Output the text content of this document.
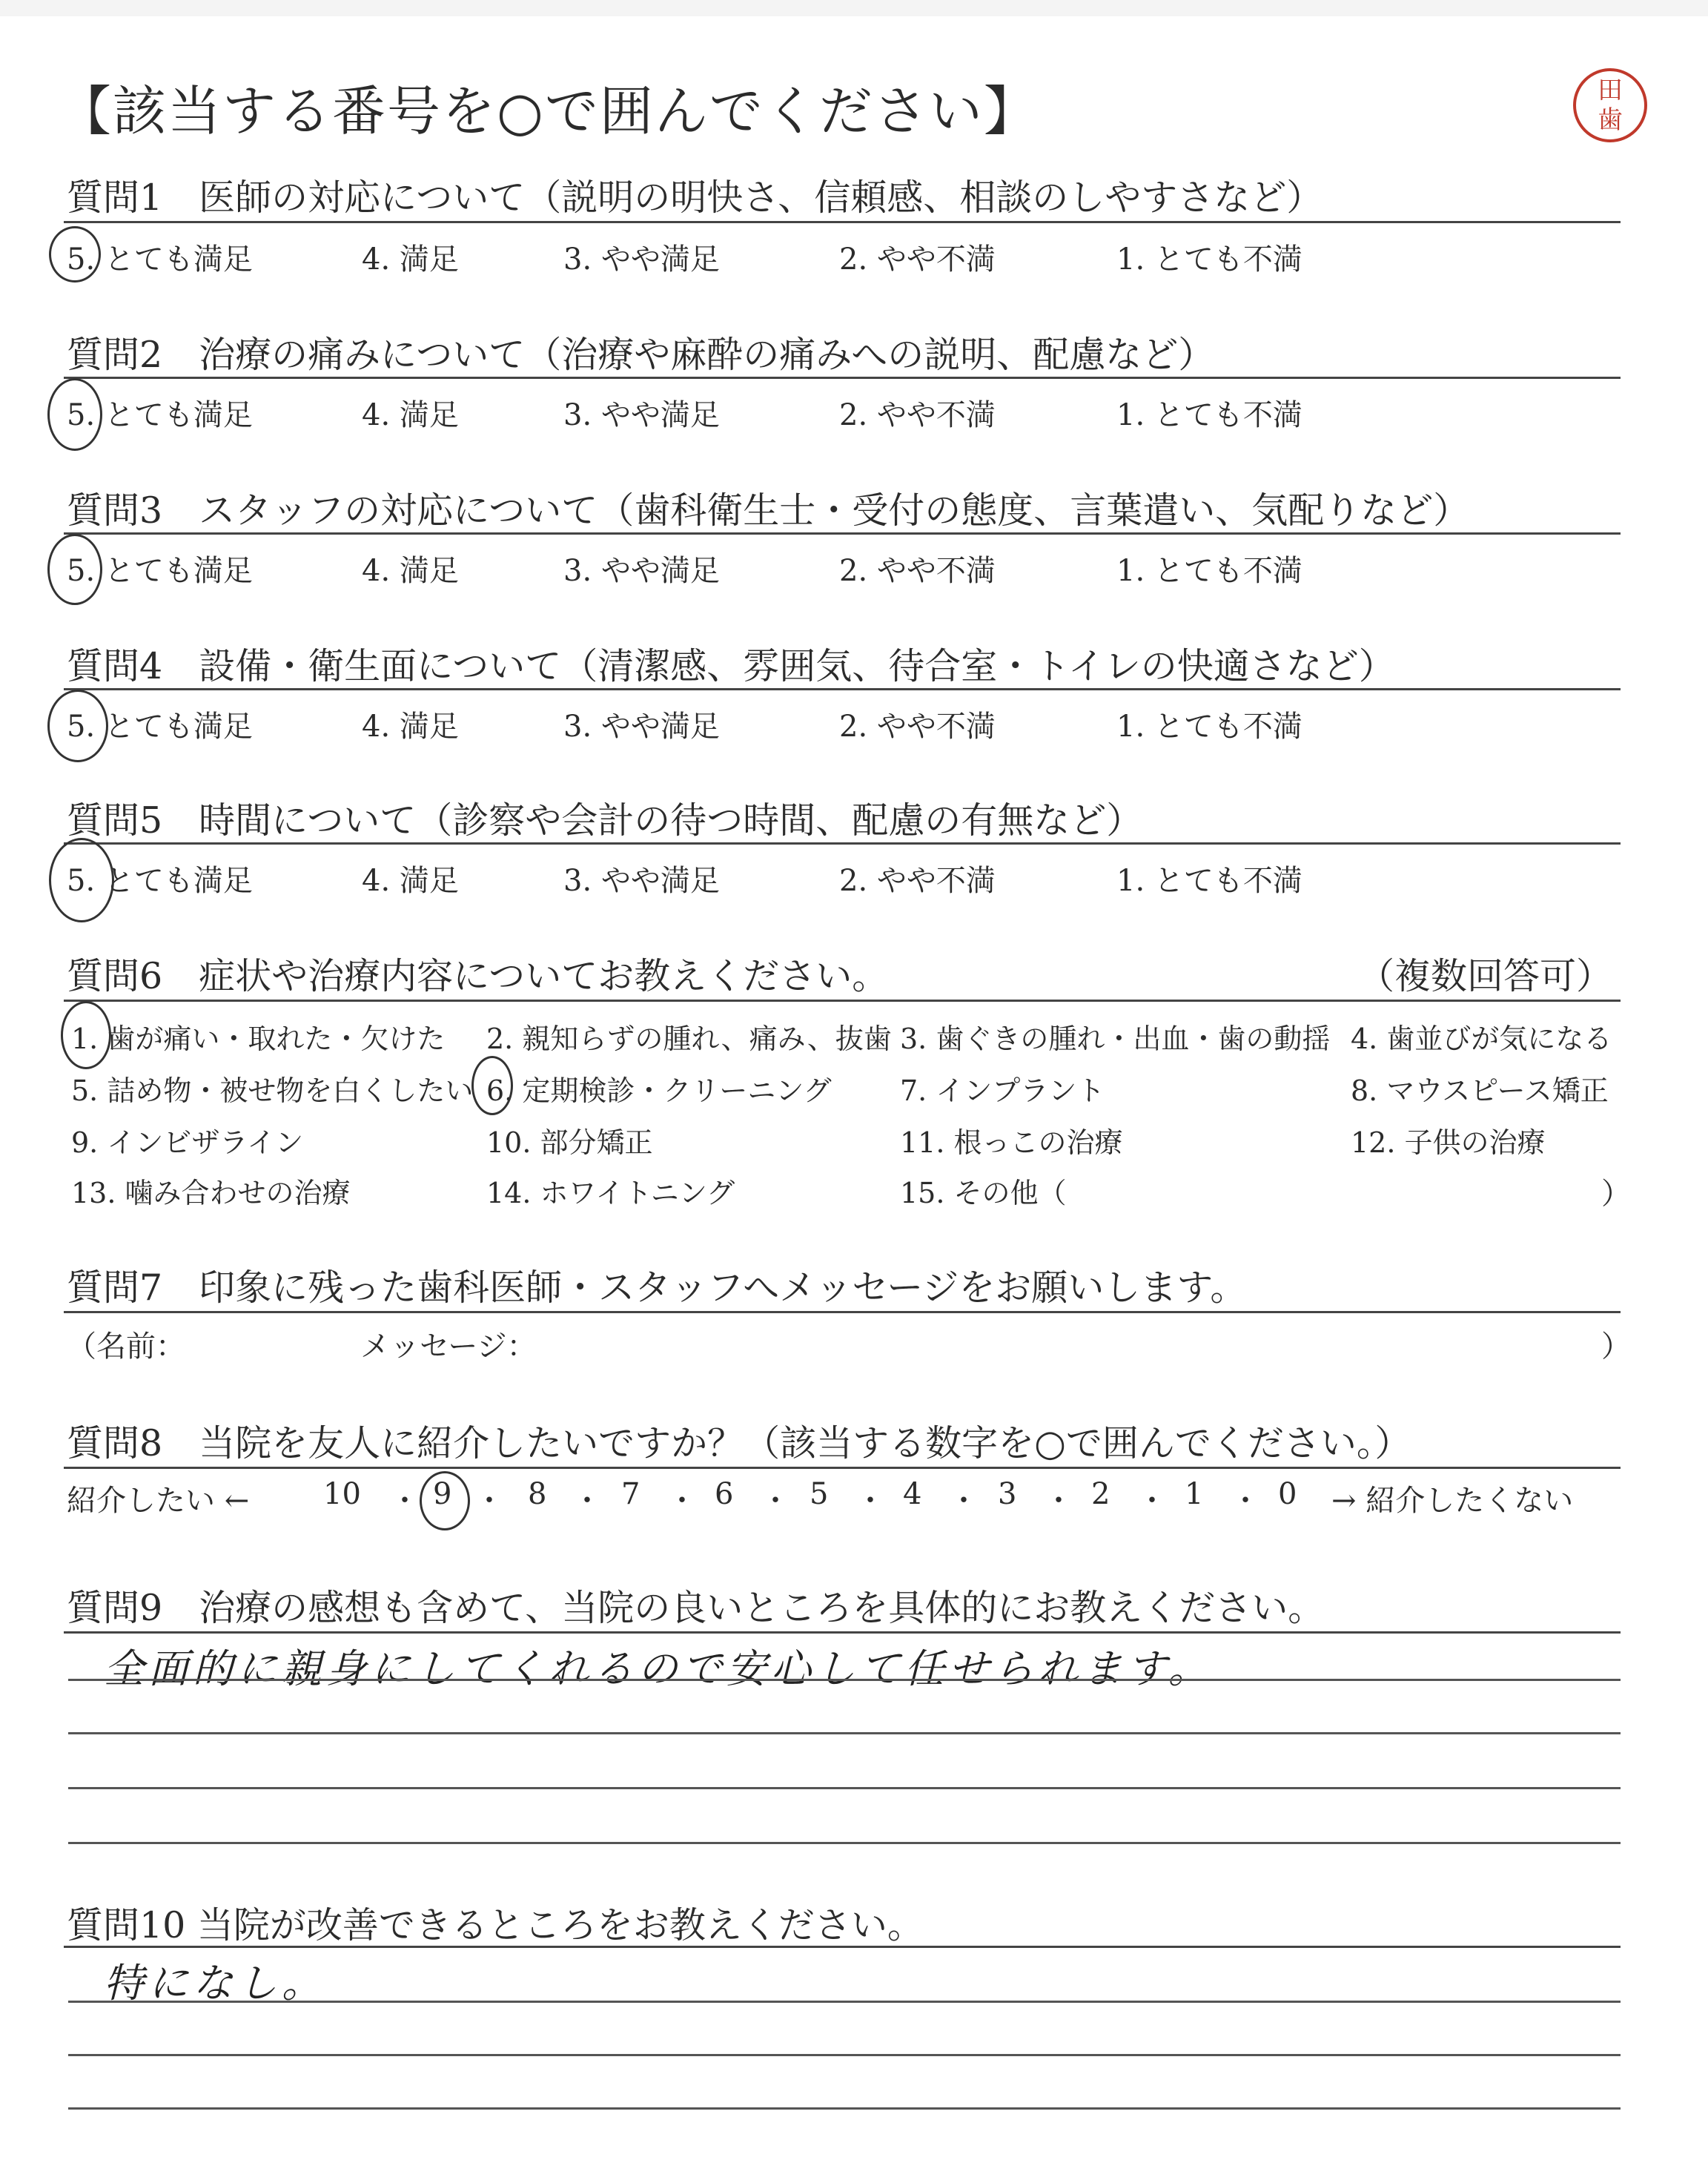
【該当する番号を○で囲んでください】	田
歯
質問1　医師の対応について（説明の明快さ、信頼感、相談のしやすさなど）
5. とても満足	4. 満足	3. やや満足	2. やや不満	1. とても不満
質問2　治療の痛みについて（治療や麻酔の痛みへの説明、配慮など）
5. とても満足	4. 満足	3. やや満足	2. やや不満	1. とても不満
質問3　スタッフの対応について（歯科衛生士・受付の態度、言葉遣い、気配りなど）
5. とても満足	4. 満足	3. やや満足	2. やや不満	1. とても不満
質問4　設備・衛生面について（清潔感、雰囲気、待合室・トイレの快適さなど）
5. とても満足	4. 満足	3. やや満足	2. やや不満	1. とても不満
質問5　時間について（診察や会計の待つ時間、配慮の有無など）
5. とても満足	4. 満足	3. やや満足	2. やや不満	1. とても不満
質問6　症状や治療内容についてお教えください。	（複数回答可）
1. 歯が痛い・取れた・欠けた 2. 親知らずの腫れ、痛み、抜歯 3. 歯ぐきの腫れ・出血・歯の動揺 4. 歯並びが気になる
5. 詰め物・被せ物を白くしたい 6. 定期検診・クリーニング 7. インプラント	8. マウスピース矯正
9. インビザライン	10. 部分矯正	11. 根っこの治療	12. 子供の治療
13. 噛み合わせの治療	14. ホワイトニング	15. その他（	）
質問7　印象に残った歯科医師・スタッフへメッセージをお願いします。
（名前：	メッセージ：	）
質問8　当院を友人に紹介したいですか？（該当する数字を○で囲んでください。）
紹介したい ← 10 ・ 9 ・ 8 ・ 7 ・ 6 ・ 5 ・ 4 ・ 3 ・ 2 ・ 1 ・ 0 → 紹介したくない
質問9　治療の感想も含めて、当院の良いところを具体的にお教えください。
全面的に親身にしてくれるので安心して任せられます。
質問10 当院が改善できるところをお教えください。
特になし。
